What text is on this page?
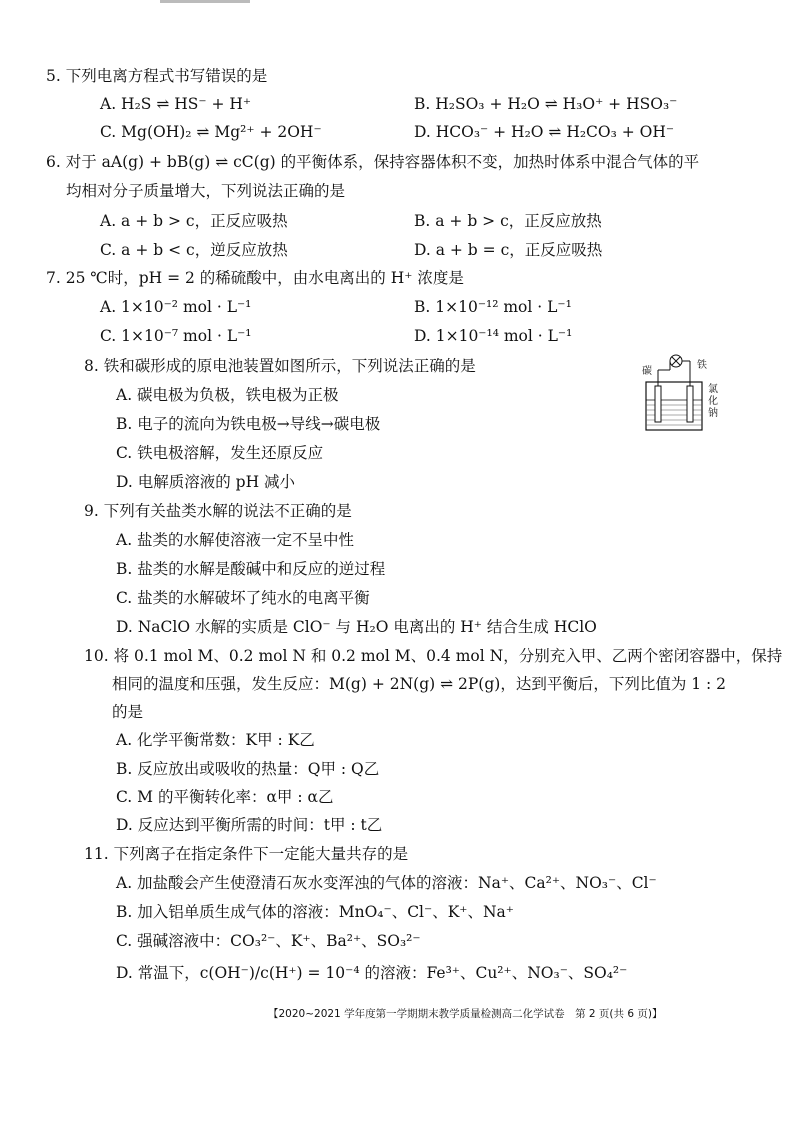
5. 下列电离方程式书写错误的是
A. H₂S ⇌ HS⁻ + H⁺	B. H₂SO₃ + H₂O ⇌ H₃O⁺ + HSO₃⁻
C. Mg(OH)₂ ⇌ Mg²⁺ + 2OH⁻	D. HCO₃⁻ + H₂O ⇌ H₂CO₃ + OH⁻
6. 对于 aA(g) + bB(g) ⇌ cC(g) 的平衡体系，保持容器体积不变，加热时体系中混合气体的平
均相对分子质量增大，下列说法正确的是
A. a + b > c，正反应吸热	B. a + b > c，正反应放热
C. a + b < c，逆反应放热	D. a + b = c，正反应吸热
7. 25 ℃时，pH = 2 的稀硫酸中，由水电离出的 H⁺ 浓度是
A. 1×10⁻² mol · L⁻¹	B. 1×10⁻¹² mol · L⁻¹
C. 1×10⁻⁷ mol · L⁻¹	D. 1×10⁻¹⁴ mol · L⁻¹
8. 铁和碳形成的原电池装置如图所示，下列说法正确的是
A. 碳电极为负极，铁电极为正极
B. 电子的流向为铁电极→导线→碳电极
C. 铁电极溶解，发生还原反应
D. 电解质溶液的 pH 减小
9. 下列有关盐类水解的说法不正确的是
A. 盐类的水解使溶液一定不呈中性
B. 盐类的水解是酸碱中和反应的逆过程
C. 盐类的水解破坏了纯水的电离平衡
D. NaClO 水解的实质是 ClO⁻ 与 H₂O 电离出的 H⁺ 结合生成 HClO
10. 将 0.1 mol M、0.2 mol N 和 0.2 mol M、0.4 mol N，分别充入甲、乙两个密闭容器中，保持
相同的温度和压强，发生反应：M(g) + 2N(g) ⇌ 2P(g)，达到平衡后，下列比值为 1 : 2
的是
A. 化学平衡常数：K甲 : K乙
B. 反应放出或吸收的热量：Q甲 : Q乙
C. M 的平衡转化率：α甲 : α乙
D. 反应达到平衡所需的时间：t甲 : t乙
11. 下列离子在指定条件下一定能大量共存的是
A. 加盐酸会产生使澄清石灰水变浑浊的气体的溶液：Na⁺、Ca²⁺、NO₃⁻、Cl⁻
B. 加入铝单质生成气体的溶液：MnO₄⁻、Cl⁻、K⁺、Na⁺
C. 强碱溶液中：CO₃²⁻、K⁺、Ba²⁺、SO₃²⁻
D. 常温下，c(OH⁻)/c(H⁺) = 10⁻⁴ 的溶液：Fe³⁺、Cu²⁺、NO₃⁻、SO₄²⁻
碳
铁
氯化钠
【2020~2021 学年度第一学期期末教学质量检测高二化学试卷　第 2 页(共 6 页)】
